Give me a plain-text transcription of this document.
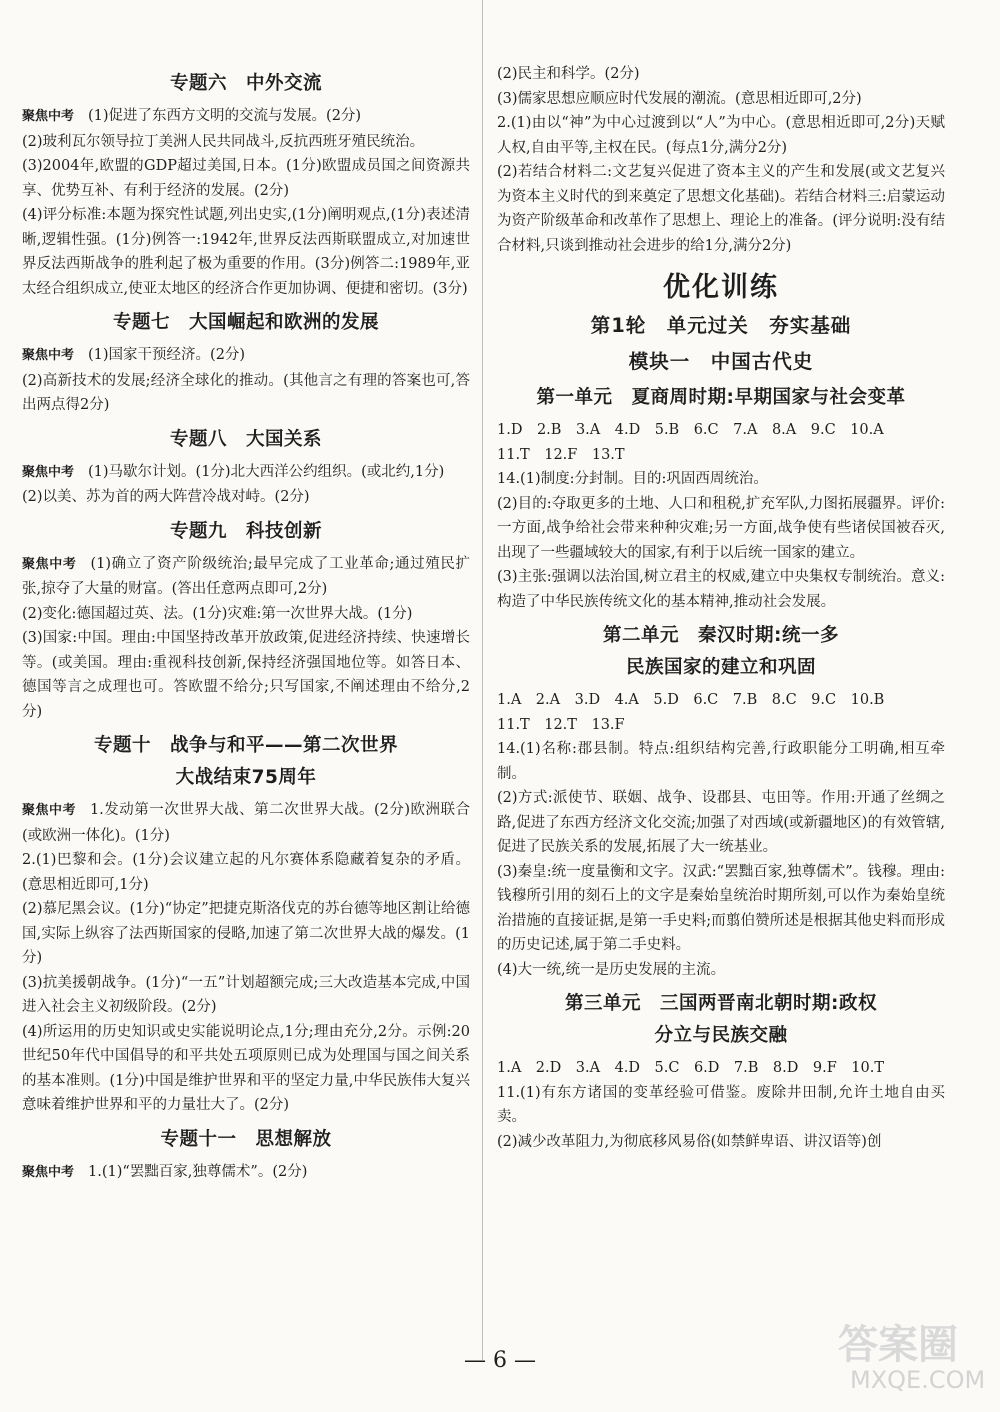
专题六　中外交流

聚焦中考 (1)促进了东西方文明的交流与发展。(2分)

(2)玻利瓦尔领导拉丁美洲人民共同战斗,反抗西班牙殖民统治。

(3)2004年,欧盟的GDP超过美国,日本。(1分)欧盟成员国之间资源共享、优势互补、有利于经济的发展。(2分)

(4)评分标准:本题为探究性试题,列出史实,(1分)阐明观点,(1分)表述清晰,逻辑性强。(1分)例答一:1942年,世界反法西斯联盟成立,对加速世界反法西斯战争的胜利起了极为重要的作用。(3分)例答二:1989年,亚太经合组织成立,使亚太地区的经济合作更加协调、便捷和密切。(3分)

专题七　大国崛起和欧洲的发展

聚焦中考 (1)国家干预经济。(2分)

(2)高新技术的发展;经济全球化的推动。(其他言之有理的答案也可,答出两点得2分)

专题八　大国关系

聚焦中考 (1)马歇尔计划。(1分)北大西洋公约组织。(或北约,1分)

(2)以美、苏为首的两大阵营冷战对峙。(2分)

专题九　科技创新

聚焦中考 (1)确立了资产阶级统治;最早完成了工业革命;通过殖民扩张,掠夺了大量的财富。(答出任意两点即可,2分)

(2)变化:德国超过英、法。(1分)灾难:第一次世界大战。(1分)

(3)国家:中国。理由:中国坚持改革开放政策,促进经济持续、快速增长等。(或美国。理由:重视科技创新,保持经济强国地位等。如答日本、德国等言之成理也可。答欧盟不给分;只写国家,不阐述理由不给分,2分)

专题十　战争与和平——第二次世界
大战结束75周年

聚焦中考 1.发动第一次世界大战、第二次世界大战。(2分)欧洲联合(或欧洲一体化)。(1分)

2.(1)巴黎和会。(1分)会议建立起的凡尔赛体系隐藏着复杂的矛盾。(意思相近即可,1分)

(2)慕尼黑会议。(1分)“协定”把捷克斯洛伐克的苏台德等地区割让给德国,实际上纵容了法西斯国家的侵略,加速了第二次世界大战的爆发。(1分)

(3)抗美援朝战争。(1分)“一五”计划超额完成;三大改造基本完成,中国进入社会主义初级阶段。(2分)

(4)所运用的历史知识或史实能说明论点,1分;理由充分,2分。示例:20世纪50年代中国倡导的和平共处五项原则已成为处理国与国之间关系的基本准则。(1分)中国是维护世界和平的坚定力量,中华民族伟大复兴意味着维护世界和平的力量壮大了。(2分)

专题十一　思想解放

聚焦中考 1.(1)“罢黜百家,独尊儒术”。(2分)

(2)民主和科学。(2分)

(3)儒家思想应顺应时代发展的潮流。(意思相近即可,2分)

2.(1)由以“神”为中心过渡到以“人”为中心。(意思相近即可,2分)天赋人权,自由平等,主权在民。(每点1分,满分2分)

(2)若结合材料二:文艺复兴促进了资本主义的产生和发展(或文艺复兴为资本主义时代的到来奠定了思想文化基础)。若结合材料三:启蒙运动为资产阶级革命和改革作了思想上、理论上的准备。(评分说明:没有结合材料,只谈到推动社会进步的给1分,满分2分)

优化训练
第1轮　单元过关　夯实基础
模块一　中国古代史
第一单元　夏商周时期:早期国家与社会变革

1.D　2.B　3.A　4.D　5.B　6.C　7.A　8.A　9.C　10.A

11.T　12.F　13.T

14.(1)制度:分封制。目的:巩固西周统治。

(2)目的:夺取更多的土地、人口和租税,扩充军队,力图拓展疆界。评价:一方面,战争给社会带来种种灾难;另一方面,战争使有些诸侯国被吞灭,出现了一些疆域较大的国家,有利于以后统一国家的建立。

(3)主张:强调以法治国,树立君主的权威,建立中央集权专制统治。意义:构造了中华民族传统文化的基本精神,推动社会发展。

第二单元　秦汉时期:统一多
民族国家的建立和巩固

1.A　2.A　3.D　4.A　5.D　6.C　7.B　8.C　9.C　10.B

11.T　12.T　13.F

14.(1)名称:郡县制。特点:组织结构完善,行政职能分工明确,相互牵制。

(2)方式:派使节、联姻、战争、设郡县、屯田等。作用:开通了丝绸之路,促进了东西方经济文化交流;加强了对西域(或新疆地区)的有效管辖,促进了民族关系的发展,拓展了大一统基业。

(3)秦皇:统一度量衡和文字。汉武:“罢黜百家,独尊儒术”。钱穆。理由:钱穆所引用的刻石上的文字是秦始皇统治时期所刻,可以作为秦始皇统治措施的直接证据,是第一手史料;而翦伯赞所述是根据其他史料而形成的历史记述,属于第二手史料。

(4)大一统,统一是历史发展的主流。

第三单元　三国两晋南北朝时期:政权
分立与民族交融

1.A　2.D　3.A　4.D　5.C　6.D　7.B　8.D　9.F　10.T

11.(1)有东方诸国的变革经验可借鉴。废除井田制,允许土地自由买卖。

(2)减少改革阻力,为彻底移风易俗(如禁鲜卑语、讲汉语等)创

— 6 —	答案圈
MXQE.COM
